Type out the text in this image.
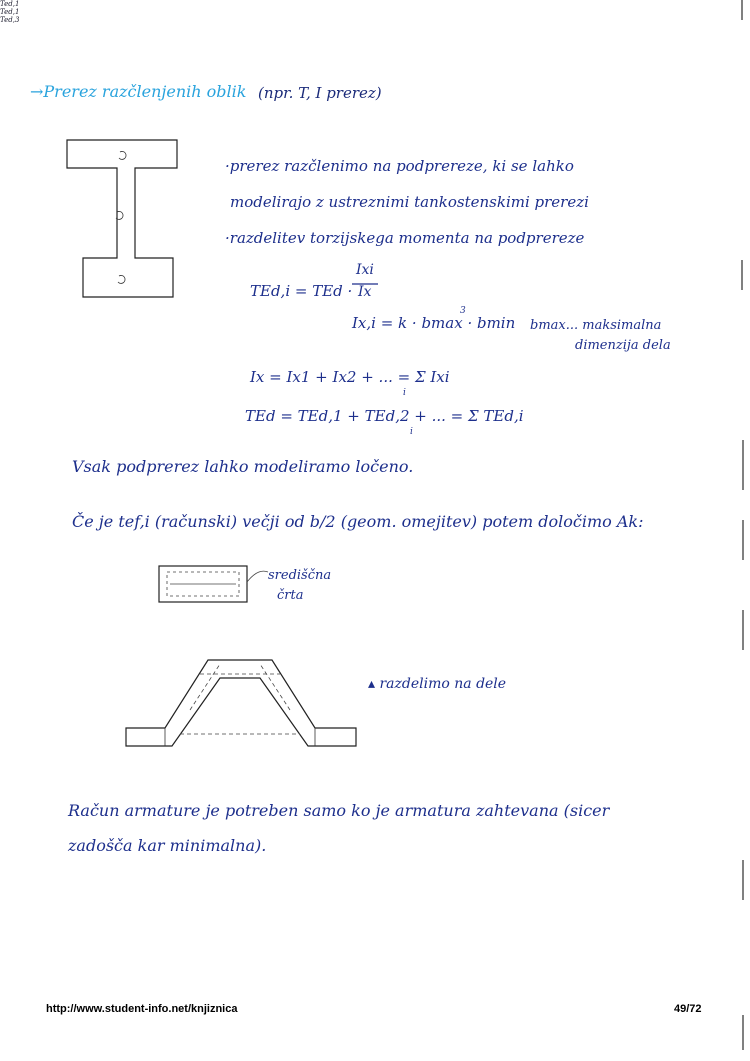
→Prerez razčlenjenih oblik (npr. T, I prerez)
Ted,1
Ted,1
Ted,3
·prerez razčlenimo na podprereze, ki se lahko
modelirajo z ustreznimi tankostenskimi prerezi
·razdelitev torzijskega momenta na podprereze
TEd,i = TEd ·
Ixi
Ix
Ix,i = k · bmax · bmin
3
bmax... maksimalna
dimenzija dela
Ix = Ix1 + Ix2 + ... = Σ Ixi
i
TEd = TEd,1 + TEd,2 + ... = Σ TEd,i
i
Vsak podprerez lahko modeliramo ločeno.
Če je tef,i (računski) večji od b/2 (geom. omejitev) potem določimo Ak:
središčna
črta
▴ razdelimo na dele
Račun armature je potreben samo ko je armatura zahtevana (sicer
zadošča kar minimalna).
http://www.student-info.net/knjiznica	49/72
